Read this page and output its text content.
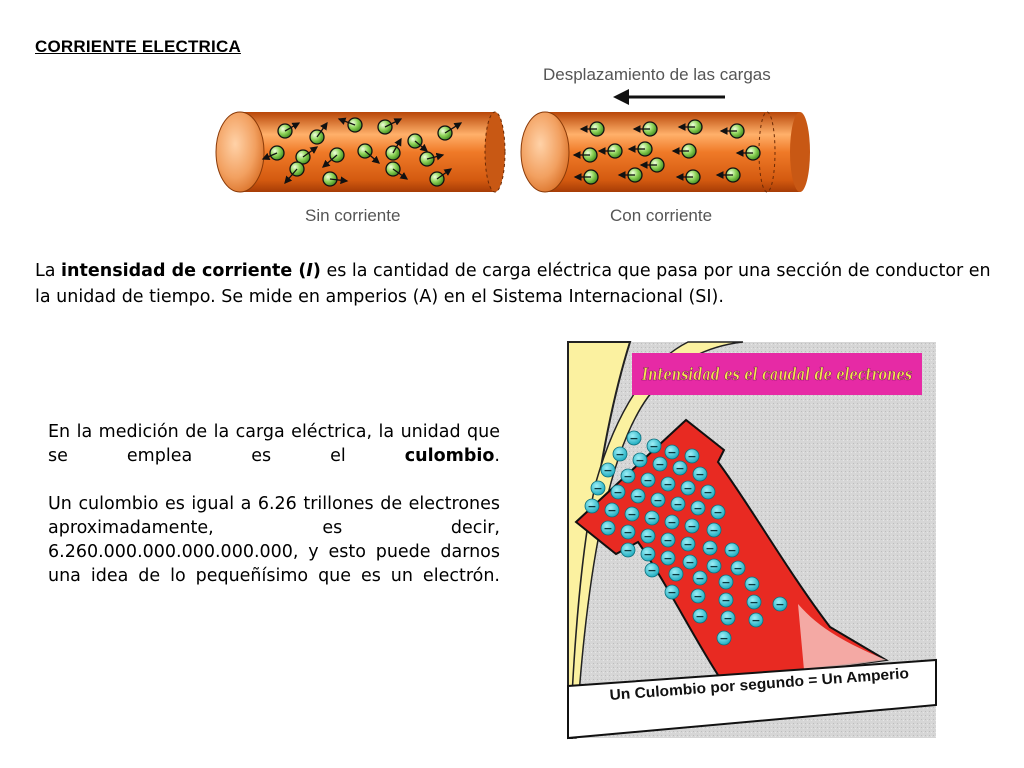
CORRIENTE ELECTRICA
Desplazamiento de las cargas
Sin corriente	Con corriente
La intensidad de corriente (I) es la cantidad de carga eléctrica que pasa por una sección de conductor en la unidad de tiempo. Se mide en amperios (A) en el Sistema Internacional (SI).
En la medición de la carga eléctrica, la unidad que se emplea es el culombio.
Un culombio es igual a 6.26 trillones de electrones aproximadamente, es decir, 6.260.000.000.000.000.000, y esto puede darnos una idea de lo pequeñísimo que es un electrón.
Intensidad es el caudal de electrones
−
− − −
− − − − −
− − − − − −
− − − − − − −
− − − − − − −
− − − − − − −
− − − − − −
− − − − −
− − − − −
− − −
−
Un Culombio por segundo = Un Amperio
